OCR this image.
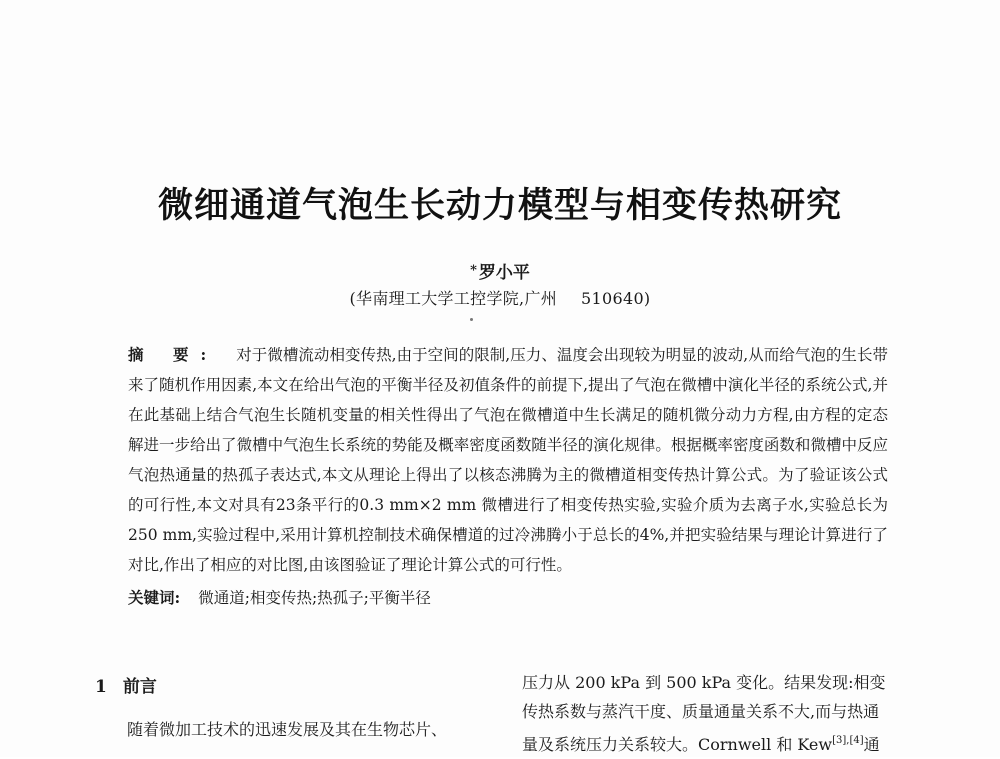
微细通道气泡生长动力模型与相变传热研究
* 罗小平
(华南理工大学工控学院,广州 510640)
摘 要: 对于微槽流动相变传热,由于空间的限制,压力、温度会出现较为明显的波动,从而给气泡的生长带来了随机作用因素,本文在给出气泡的平衡半径及初值条件的前提下,提出了气泡在微槽中演化半径的系统公式,并在此基础上结合气泡生长随机变量的相关性得出了气泡在微槽道中生长满足的随机微分动力方程,由方程的定态解进一步给出了微槽中气泡生长系统的势能及概率密度函数随半径的演化规律。根据概率密度函数和微槽中反应气泡热通量的热孤子表达式,本文从理论上得出了以核态沸腾为主的微槽道相变传热计算公式。为了验证该公式的可行性,本文对具有23条平行的0.3 mm×2 mm 微槽进行了相变传热实验,实验介质为去离子水,实验总长为250 mm,实验过程中,采用计算机控制技术确保槽道的过冷沸腾小于总长的4%,并把实验结果与理论计算进行了对比,作出了相应的对比图,由该图验证了理论计算公式的可行性。
关键词: 微通道;相变传热;热孤子;平衡半径
1 前言

随着微加工技术的迅速发展及其在生物芯片、

压力从 200 kPa 到 500 kPa 变化。结果发现:相变
传热系数与蒸汽干度、质量通量关系不大,而与热通
量及系统压力关系较大。Cornwell 和 Kew[3],[4]通
